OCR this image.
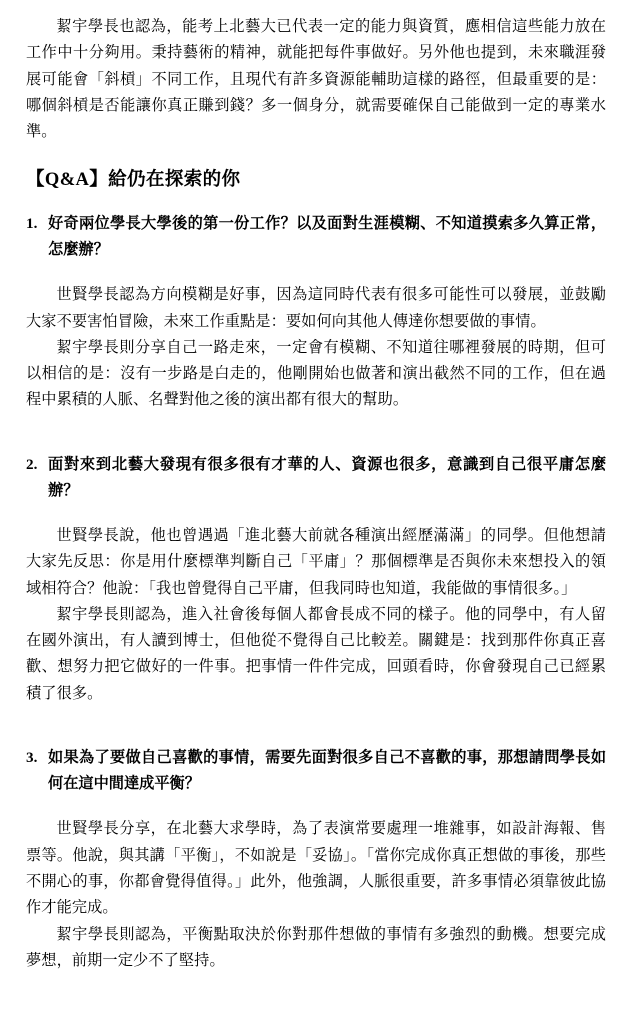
絜宇學長也認為，能考上北藝大已代表一定的能力與資質，應相信這些能力放在工作中十分夠用。秉持藝術的精神，就能把每件事做好。另外他也提到，未來職涯發展可能會「斜槓」不同工作，且現代有許多資源能輔助這樣的路徑，但最重要的是：哪個斜槓是否能讓你真正賺到錢？多一個身分，就需要確保自己能做到一定的專業水準。

【Q&A】給仍在探索的你
1. 好奇兩位學長大學後的第一份工作？以及面對生涯模糊、不知道摸索多久算正常，怎麼辦？

世賢學長認為方向模糊是好事，因為這同時代表有很多可能性可以發展，並鼓勵大家不要害怕冒險，未來工作重點是：要如何向其他人傳達你想要做的事情。

絜宇學長則分享自己一路走來，一定會有模糊、不知道往哪裡發展的時期，但可以相信的是：沒有一步路是白走的，他剛開始也做著和演出截然不同的工作，但在過程中累積的人脈、名聲對他之後的演出都有很大的幫助。

2. 面對來到北藝大發現有很多很有才華的人、資源也很多，意識到自己很平庸怎麼辦？

世賢學長說，他也曾遇過「進北藝大前就各種演出經歷滿滿」的同學。但他想請大家先反思：你是用什麼標準判斷自己「平庸」？那個標準是否與你未來想投入的領域相符合？他說：「我也曾覺得自己平庸，但我同時也知道，我能做的事情很多。」

絜宇學長則認為，進入社會後每個人都會長成不同的樣子。他的同學中，有人留在國外演出，有人讀到博士，但他從不覺得自己比較差。關鍵是：找到那件你真正喜歡、想努力把它做好的一件事。把事情一件件完成，回頭看時，你會發現自己已經累積了很多。

3. 如果為了要做自己喜歡的事情，需要先面對很多自己不喜歡的事，那想請問學長如何在這中間達成平衡？

世賢學長分享，在北藝大求學時，為了表演常要處理一堆雜事，如設計海報、售票等。他說，與其講「平衡」，不如說是「妥協」。「當你完成你真正想做的事後，那些不開心的事，你都會覺得值得。」此外，他強調，人脈很重要，許多事情必須靠彼此協作才能完成。

絜宇學長則認為，平衡點取決於你對那件想做的事情有多強烈的動機。想要完成夢想，前期一定少不了堅持。
